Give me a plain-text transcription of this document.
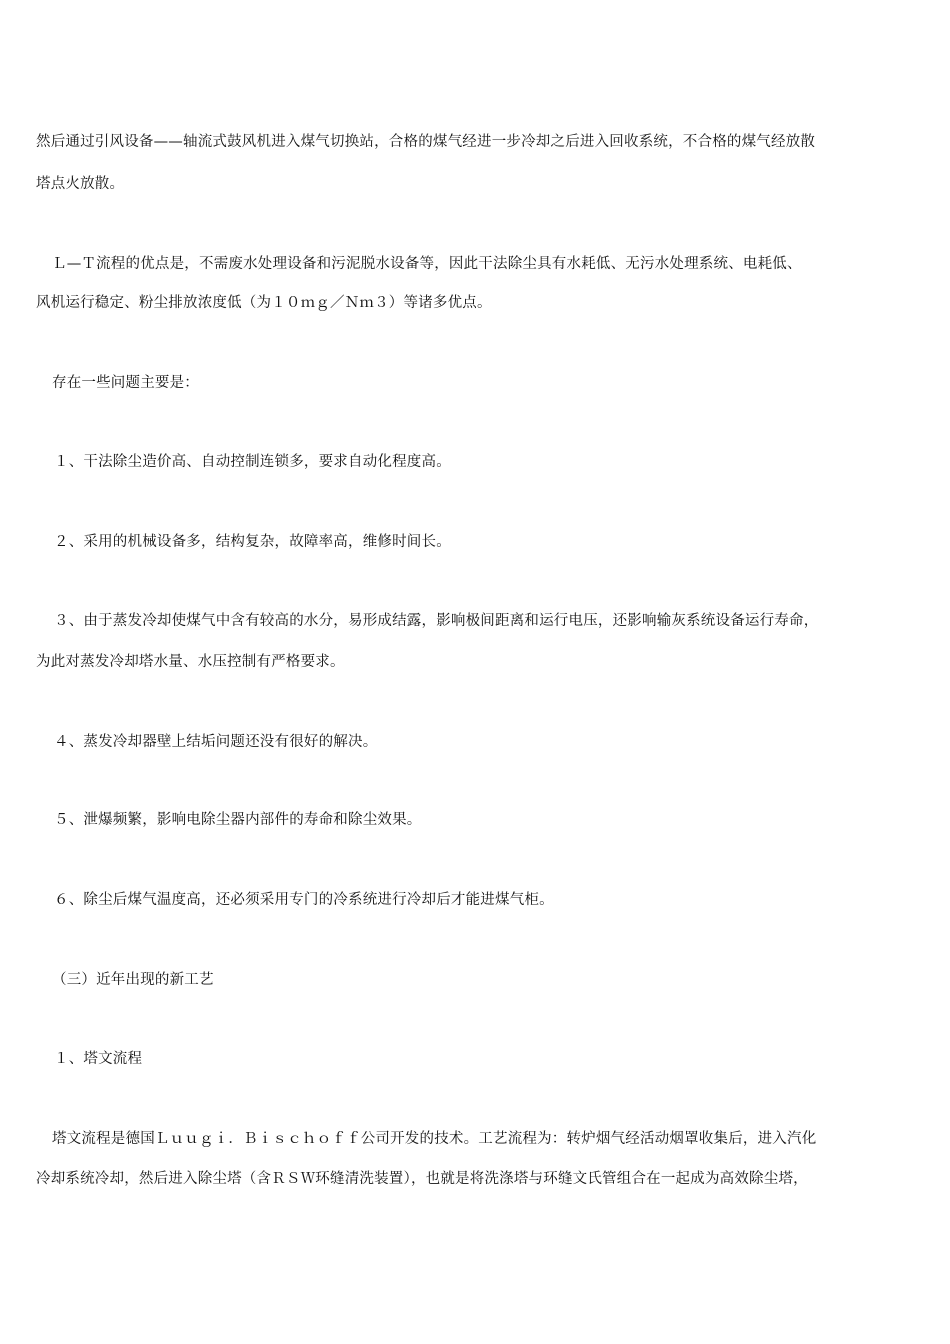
然后通过引风设备——轴流式鼓风机进入煤气切换站，合格的煤气经进一步冷却之后进入回收系统，不合格的煤气经放散
塔点火放散。
Ｌ—Ｔ流程的优点是，不需废水处理设备和污泥脱水设备等，因此干法除尘具有水耗低、无污水处理系统、电耗低、
风机运行稳定、粉尘排放浓度低（为１０ｍｇ／Ｎｍ３）等诸多优点。
存在一些问题主要是：
１、干法除尘造价高、自动控制连锁多，要求自动化程度高。
２、采用的机械设备多，结构复杂，故障率高，维修时间长。
３、由于蒸发冷却使煤气中含有较高的水分，易形成结露，影响极间距离和运行电压，还影响输灰系统设备运行寿命，
为此对蒸发冷却塔水量、水压控制有严格要求。
４、蒸发冷却器壁上结垢问题还没有很好的解决。
５、泄爆频繁，影响电除尘器内部件的寿命和除尘效果。
６、除尘后煤气温度高，还必须采用专门的冷系统进行冷却后才能进煤气柜。
（三）近年出现的新工艺
１、塔文流程
塔文流程是德国Ｌｕｕｇｉ．Ｂｉｓｃｈｏｆｆ公司开发的技术。工艺流程为：转炉烟气经活动烟罩收集后，进入汽化
冷却系统冷却，然后进入除尘塔（含ＲＳＷ环缝清洗装置），也就是将洗涤塔与环缝文氏管组合在一起成为高效除尘塔，
